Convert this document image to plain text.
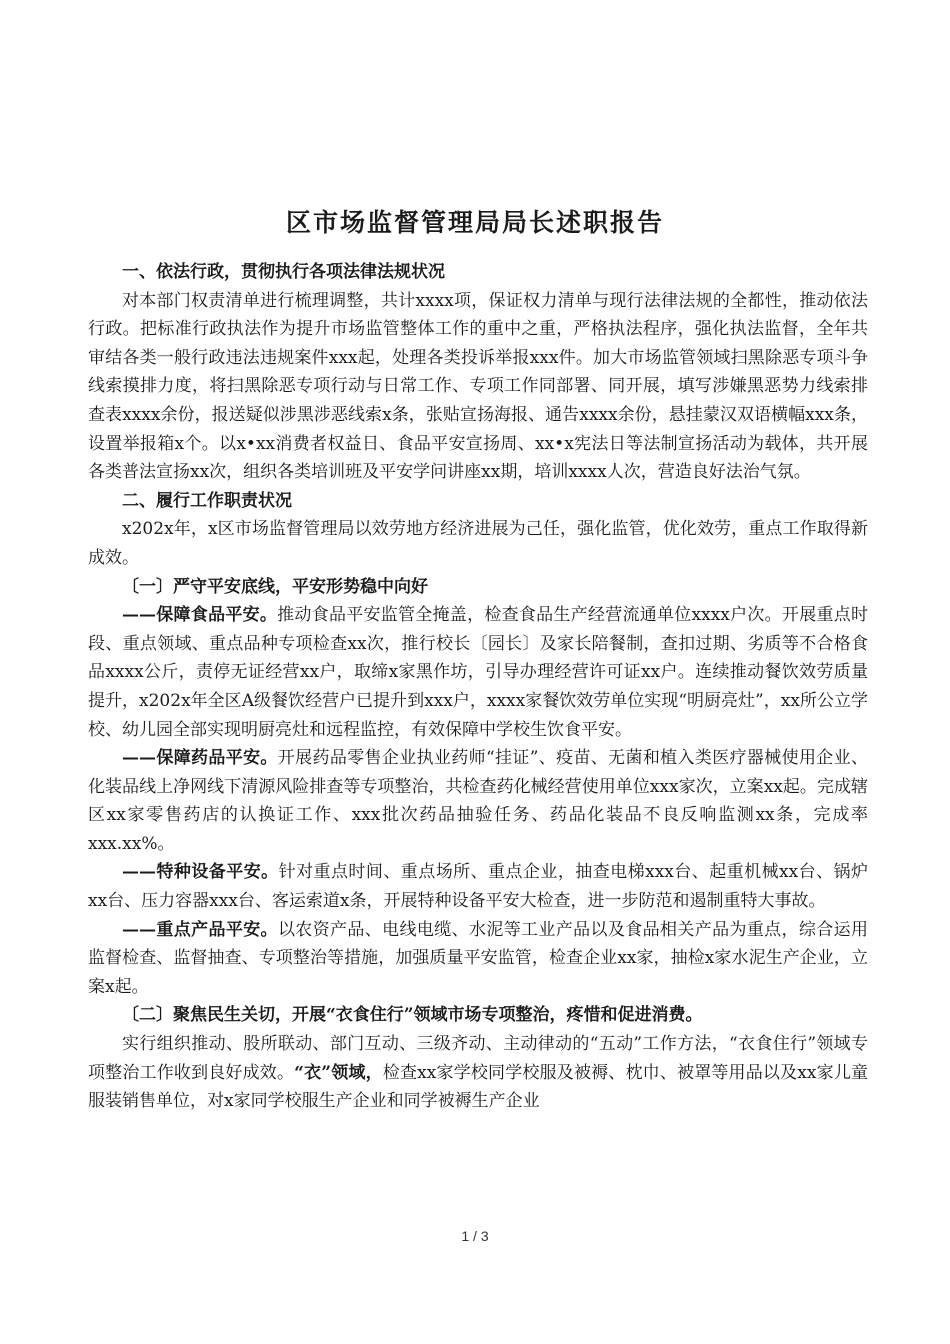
区市场监督管理局局长述职报告

一、依法行政，贯彻执行各项法律法规状况

对本部门权责清单进行梳理调整，共计xxxx项，保证权力清单与现行法律法规的全都性，推动依法行政。把标准行政执法作为提升市场监管整体工作的重中之重，严格执法程序，强化执法监督，全年共审结各类一般行政违法违规案件xxx起，处理各类投诉举报xxx件。加大市场监管领域扫黑除恶专项斗争线索摸排力度，将扫黑除恶专项行动与日常工作、专项工作同部署、同开展，填写涉嫌黑恶势力线索排查表xxxx余份，报送疑似涉黑涉恶线索x条，张贴宣扬海报、通告xxxx余份，悬挂蒙汉双语横幅xxx条，设置举报箱x个。以x•xx消费者权益日、食品平安宣扬周、xx•x宪法日等法制宣扬活动为载体，共开展各类普法宣扬xx次，组织各类培训班及平安学问讲座xx期，培训xxxx人次，营造良好法治气氛。

二、履行工作职责状况

x202x年，x区市场监督管理局以效劳地方经济进展为己任，强化监管，优化效劳，重点工作取得新成效。

〔一〕严守平安底线，平安形势稳中向好

——保障食品平安。推动食品平安监管全掩盖，检查食品生产经营流通单位xxxx户次。开展重点时段、重点领域、重点品种专项检查xx次，推行校长〔园长〕及家长陪餐制，查扣过期、劣质等不合格食品xxxx公斤，责停无证经营xx户，取缔x家黑作坊，引导办理经营许可证xx户。连续推动餐饮效劳质量提升，x202x年全区A级餐饮经营户已提升到xxx户，xxxx家餐饮效劳单位实现“明厨亮灶”，xx所公立学校、幼儿园全部实现明厨亮灶和远程监控，有效保障中学校生饮食平安。

——保障药品平安。开展药品零售企业执业药师“挂证”、疫苗、无菌和植入类医疗器械使用企业、化装品线上净网线下清源风险排查等专项整治，共检查药化械经营使用单位xxx家次，立案xx起。完成辖区xx家零售药店的认换证工作、xxx批次药品抽验任务、药品化装品不良反响监测xx条，完成率xxx.xx%。

——特种设备平安。针对重点时间、重点场所、重点企业，抽查电梯xxx台、起重机械xx台、锅炉xx台、压力容器xxx台、客运索道x条，开展特种设备平安大检查，进一步防范和遏制重特大事故。

——重点产品平安。以农资产品、电线电缆、水泥等工业产品以及食品相关产品为重点，综合运用监督检查、监督抽查、专项整治等措施，加强质量平安监管，检查企业xx家，抽检x家水泥生产企业，立案x起。

〔二〕聚焦民生关切，开展“衣食住行”领域市场专项整治，疼惜和促进消费。

实行组织推动、股所联动、部门互动、三级齐动、主动律动的“五动”工作方法，“衣食住行”领域专项整治工作收到良好成效。“衣”领域，检查xx家学校同学校服及被褥、枕巾、被罩等用品以及xx家儿童服装销售单位，对x家同学校服生产企业和同学被褥生产企业

1 / 3
